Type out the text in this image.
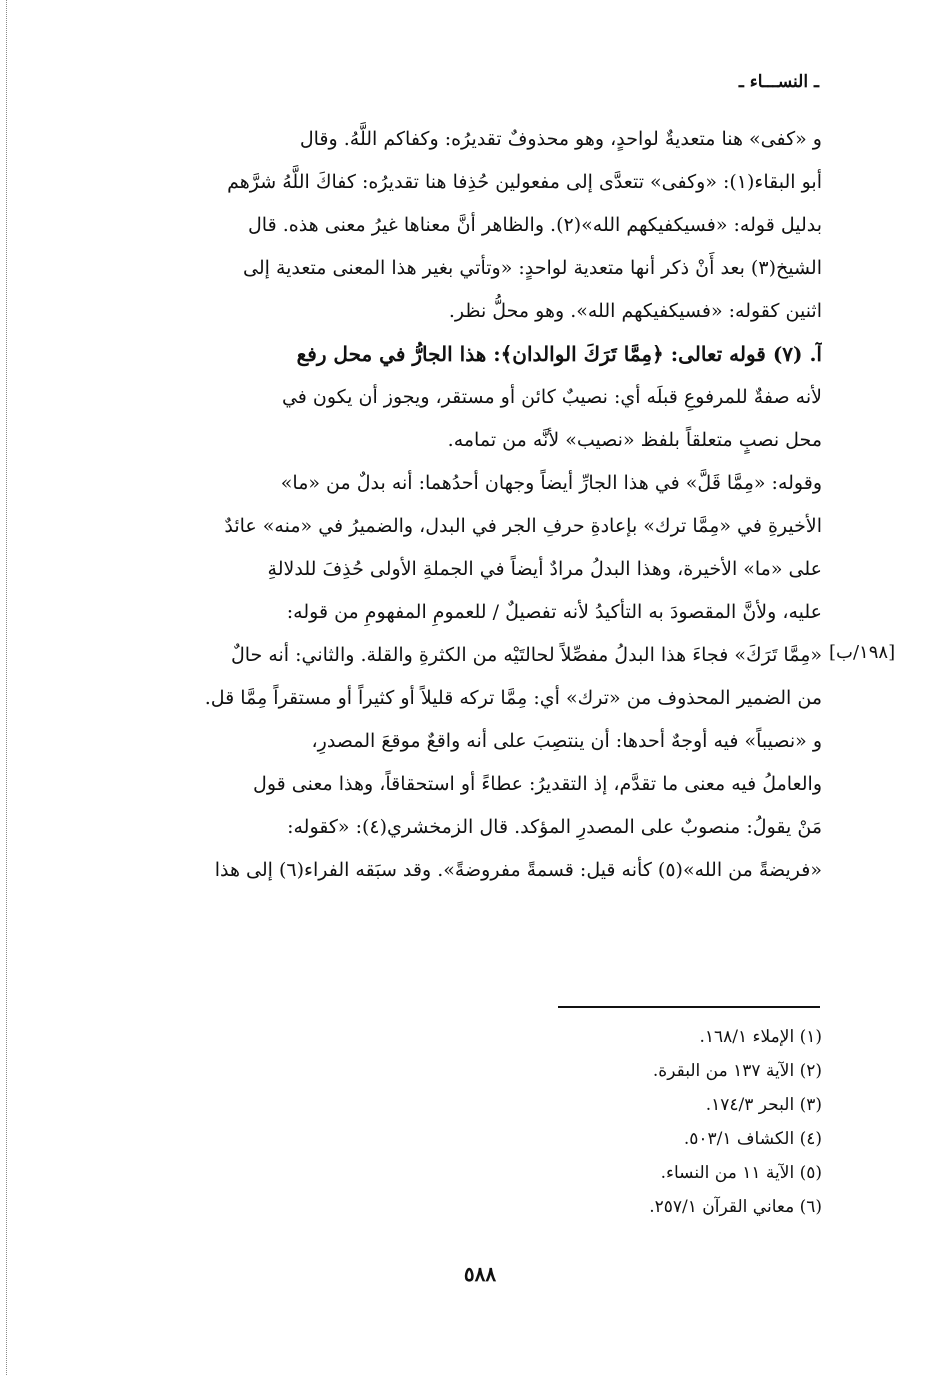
ـ النســـاء ـ
و «كفى» هنا متعديةٌ لواحدٍ، وهو محذوفٌ تقديرُه: وكفاكم اللَّهُ. وقال
أبو البقاء(١): «وكفى» تتعدَّى إلى مفعولين حُذِفا هنا تقديرُه: كفاكَ اللَّهُ شرَّهم
بدليل قوله: «فسيكفيكهم الله»(٢). والظاهر أنَّ معناها غيرُ معنى هذه. قال
الشيخ(٣) بعد أَنْ ذكر أنها متعدية لواحدٍ: «وتأتي بغير هذا المعنى متعدية إلى
اثنين كقوله: «فسيكفيكهم الله». وهو محلُّ نظر.
آ. (٧) قوله تعالى: ﴿مِمَّا تَرَكَ الوالدان﴾: هذا الجارُّ في محل رفع
لأنه صفةٌ للمرفوعِ قبلَه أي: نصيبٌ كائن أو مستقر، ويجوز أن يكون في
محل نصبٍ متعلقاً بلفظ «نصيب» لأنَّه من تمامه.
وقوله: «مِمَّا قَلَّ» في هذا الجارِّ أيضاً وجهان أحدُهما: أنه بدلٌ من «ما»
الأخيرةِ في «مِمَّا ترك» بإعادةِ حرفِ الجر في البدل، والضميرُ في «منه» عائدٌ
على «ما» الأخيرة، وهذا البدلُ مرادٌ أيضاً في الجملةِ الأولى حُذِفَ للدلالةِ
عليه، ولأنَّ المقصودَ به التأكيدُ لأنه تفصيلٌ / للعمومِ المفهومِ من قوله:
«مِمَّا تَرَكَ» فجاءَ هذا البدلُ مفصِّلاً لحالتَيْه من الكثرةِ والقلة. والثاني: أنه حالٌ
من الضمير المحذوف من «ترك» أي: مِمَّا تركه قليلاً أو كثيراً أو مستقراً مِمَّا قل.
و «نصيباً» فيه أوجهٌ أحدها: أن ينتصِبَ على أنه واقعٌ موقعَ المصدرِ،
والعاملُ فيه معنى ما تقدَّم، إذ التقديرُ: عطاءً أو استحقاقاً، وهذا معنى قول
مَنْ يقولُ: منصوبٌ على المصدرِ المؤكد. قال الزمخشري(٤): «كقوله:
«فريضةً من الله»(٥) كأنه قيل: قسمةً مفروضةً». وقد سبَقه الفراء(٦) إلى هذا
[١٩٨/ب]
(١) الإملاء ١٦٨/١.
(٢) الآية ١٣٧ من البقرة.
(٣) البحر ١٧٤/٣.
(٤) الكشاف ٥٠٣/١.
(٥) الآية ١١ من النساء.
(٦) معاني القرآن ٢٥٧/١.
٥٨٨
